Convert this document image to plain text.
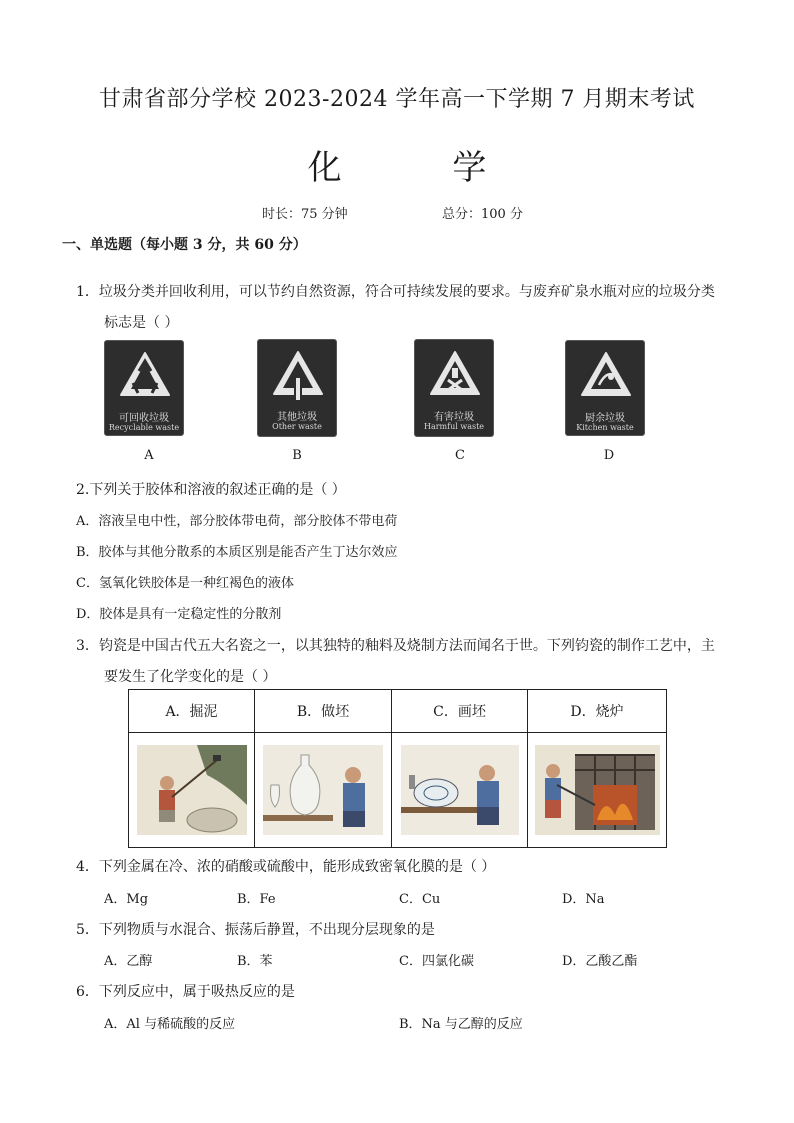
甘肃省部分学校 2023-2024 学年高一下学期 7 月期末考试
化 学
时长：75 分钟	总分：100 分
一、单选题（每小题 3 分，共 60 分）
1．垃圾分类并回收利用，可以节约自然资源，符合可持续发展的要求。与废弃矿泉水瓶对应的垃圾分类
标志是（ ）
可回收垃圾
Recyclable waste
其他垃圾
Other waste
有害垃圾
Harmful waste
厨余垃圾
Kitchen waste
A	B	C	D
2.下列关于胶体和溶液的叙述正确的是（ ）
A．溶液呈电中性，部分胶体带电荷，部分胶体不带电荷
B．胶体与其他分散系的本质区别是能否产生丁达尔效应
C．氢氧化铁胶体是一种红褐色的液体
D．胶体是具有一定稳定性的分散剂
3．钧瓷是中国古代五大名瓷之一，以其独特的釉料及烧制方法而闻名于世。下列钧瓷的制作工艺中，主
要发生了化学变化的是（ ）
A．掘泥	B．做坯	C．画坯	D．烧炉

4．下列金属在冷、浓的硝酸或硫酸中，能形成致密氧化膜的是（ ）
A．Mg	B．Fe	C．Cu	D．Na
5．下列物质与水混合、振荡后静置，不出现分层现象的是
A．乙醇	B．苯	C．四氯化碳	D．乙酸乙酯
6．下列反应中，属于吸热反应的是
A．Al 与稀硫酸的反应	B．Na 与乙醇的反应
